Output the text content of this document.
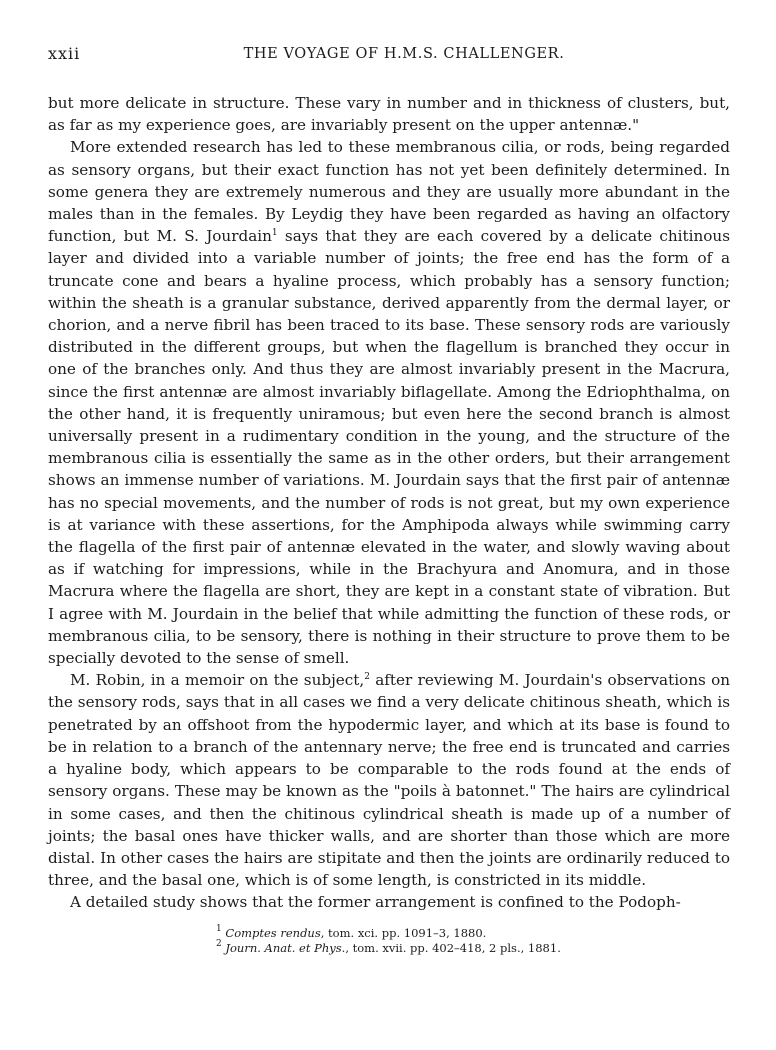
xxii	THE VOYAGE OF H.M.S. CHALLENGER.

but more delicate in structure. These vary in number and in thickness of clusters, but, as far as my experience goes, are invariably present on the upper antennæ."

More extended research has led to these membranous cilia, or rods, being regarded as sensory organs, but their exact function has not yet been definitely determined. In some genera they are extremely numerous and they are usually more abundant in the males than in the females. By Leydig they have been regarded as having an olfactory function, but M. S. Jourdain$^1$ says that they are each covered by a delicate chitinous layer and divided into a variable number of joints; the free end has the form of a truncate cone and bears a hyaline process, which probably has a sensory function; within the sheath is a granular substance, derived apparently from the dermal layer, or chorion, and a nerve fibril has been traced to its base. These sensory rods are variously distributed in the different groups, but when the flagellum is branched they occur in one of the branches only. And thus they are almost invariably present in the Macrura, since the first antennæ are almost invariably biflagellate. Among the Edriophthalma, on the other hand, it is frequently uniramous; but even here the second branch is almost universally present in a rudimentary condition in the young, and the structure of the membranous cilia is essentially the same as in the other orders, but their arrangement shows an immense number of variations. M. Jourdain says that the first pair of antennæ has no special movements, and the number of rods is not great, but my own experience is at variance with these assertions, for the Amphipoda always while swimming carry the flagella of the first pair of antennæ elevated in the water, and slowly waving about as if watching for impressions, while in the Brachyura and Anomura, and in those Macrura where the flagella are short, they are kept in a constant state of vibration. But I agree with M. Jourdain in the belief that while admitting the function of these rods, or membranous cilia, to be sensory, there is nothing in their structure to prove them to be specially devoted to the sense of smell.

M. Robin, in a memoir on the subject,$^2$ after reviewing M. Jourdain's observations on the sensory rods, says that in all cases we find a very delicate chitinous sheath, which is penetrated by an offshoot from the hypodermic layer, and which at its base is found to be in relation to a branch of the antennary nerve; the free end is truncated and carries a hyaline body, which appears to be comparable to the rods found at the ends of sensory organs. These may be known as the "poils à batonnet." The hairs are cylindrical in some cases, and then the chitinous cylindrical sheath is made up of a number of joints; the basal ones have thicker walls, and are shorter than those which are more distal. In other cases the hairs are stipitate and then the joints are ordinarily reduced to three, and the basal one, which is of some length, is constricted in its middle.

A detailed study shows that the former arrangement is confined to the Podoph-

$^1$ Comptes rendus, tom. xci. pp. 1091–3, 1880.
$^2$ Journ. Anat. et Phys., tom. xvii. pp. 402–418, 2 pls., 1881.
